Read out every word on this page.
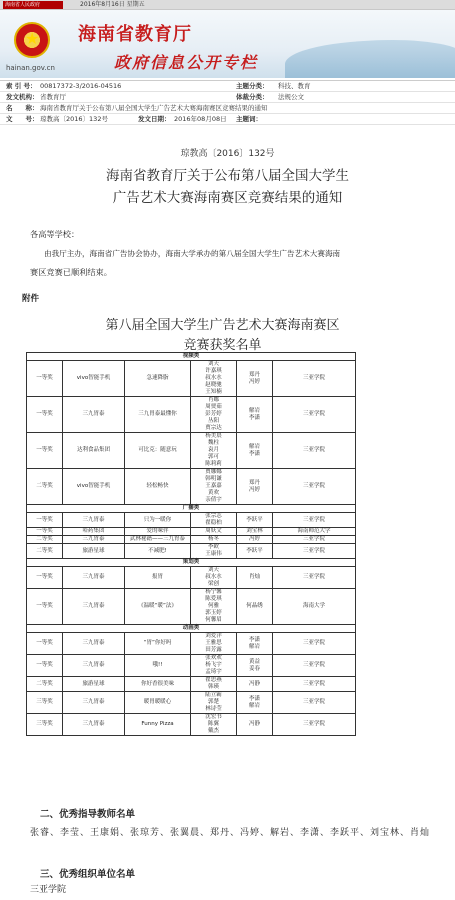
海南省人民政府	2016年8月16日 星期五
★
hainan.gov.cn
海南省教育厅
政府信息公开专栏
索 引 号： 00817372-3/2016-04516	主题分类： 科技、教育
发文机构： 省教育厅	体裁分类： 法规公文
名　　称： 海南省教育厅关于公布第八届全国大学生广告艺术大赛海南赛区竞赛结果的通知
文　　号： 琼教高〔2016〕132号	发文日期： 2016年08月08日 主题词：
琼教高〔2016〕132号
海南省教育厅关于公布第八届全国大学生
广告艺术大赛海南赛区竞赛结果的通知
各高等学校：
由我厅主办，海南省广告协会协办，海南大学承办的第八届全国大学生广告艺术大赛海南
赛区竞赛已顺利结束。
附件
第八届全国大学生广告艺术大赛海南赛区
竞赛获奖名单
视频类					
一等奖	vivo智能手机	急速降脂	刘天
许嘉琪
叔水水
赵晓驰
王知楠	郑丹
冯婷	三亚学院
一等奖	三九胃泰	三九胃泰最懂你	肖娜
周贾茹
彭芳婷
丛阳
贾宗达	解岩
李潇	三亚学院
一等奖	达利食品集团	可比克：随意玩	杨美晨
魏柱
袁月
郭可
陈莉莉	解岩
李潇	三亚学院
二等奖	vivo智能手机	轻松畅快	贾娜娜
韩明谦
王嘉嘉
黄欢
亲倩宇	郑丹
冯婷	三亚学院
广播类					
一等奖	三九胃泰	只为一暖你	张宗志
翟稳柏	李跃平	三亚学院
一等奖	哈药集团	爱的味伴	周妖文	刘宝林	海南师范大学
二等奖	三九胃泰	武林秘籍——三九胃泰	杨冬	冯婷	三亚学院
二等奖	旅游星球	不减肥!	李欧
王康伟	李跃平	三亚学院
策划类					
一等奖	三九胃泰	报胃	刘天
叔水水
梁创	肖灿	三亚学院
一等奖	三九胃泰	《温暖“暖”法》	杨宁馨
陈爱琪
何雅
郭玉婷
何馨眉	何晶绣	海南大学
动画类					
一等奖	三九胃泰	“胃”你好吗	刘爱洋
王雅思
田芳露	李潇
解岩	三亚学院
一等奖	三九胃泰	哦!!	张欢欢
杨飞宇
孟琦宇	黄益
姜春	三亚学院
二等奖	旅游星球	你好香很美味	翟思燕
韩瑛	冯静	三亚学院
三等奖	三九胃泰	暖胃暖暖心	陆立霸
郭楚
林诗莹	李潇
解岩	三亚学院
三等奖	三九胃泰	Funny Pizza	沈宏书
陈翼
戴杰	冯静	三亚学院
二、优秀指导教师名单
张睿、李莹、王康娟、张琼芳、张翼晨、郑丹、冯婷、解岩、李潇、李跃平、刘宝林、肖灿
三、优秀组织单位名单
三亚学院
